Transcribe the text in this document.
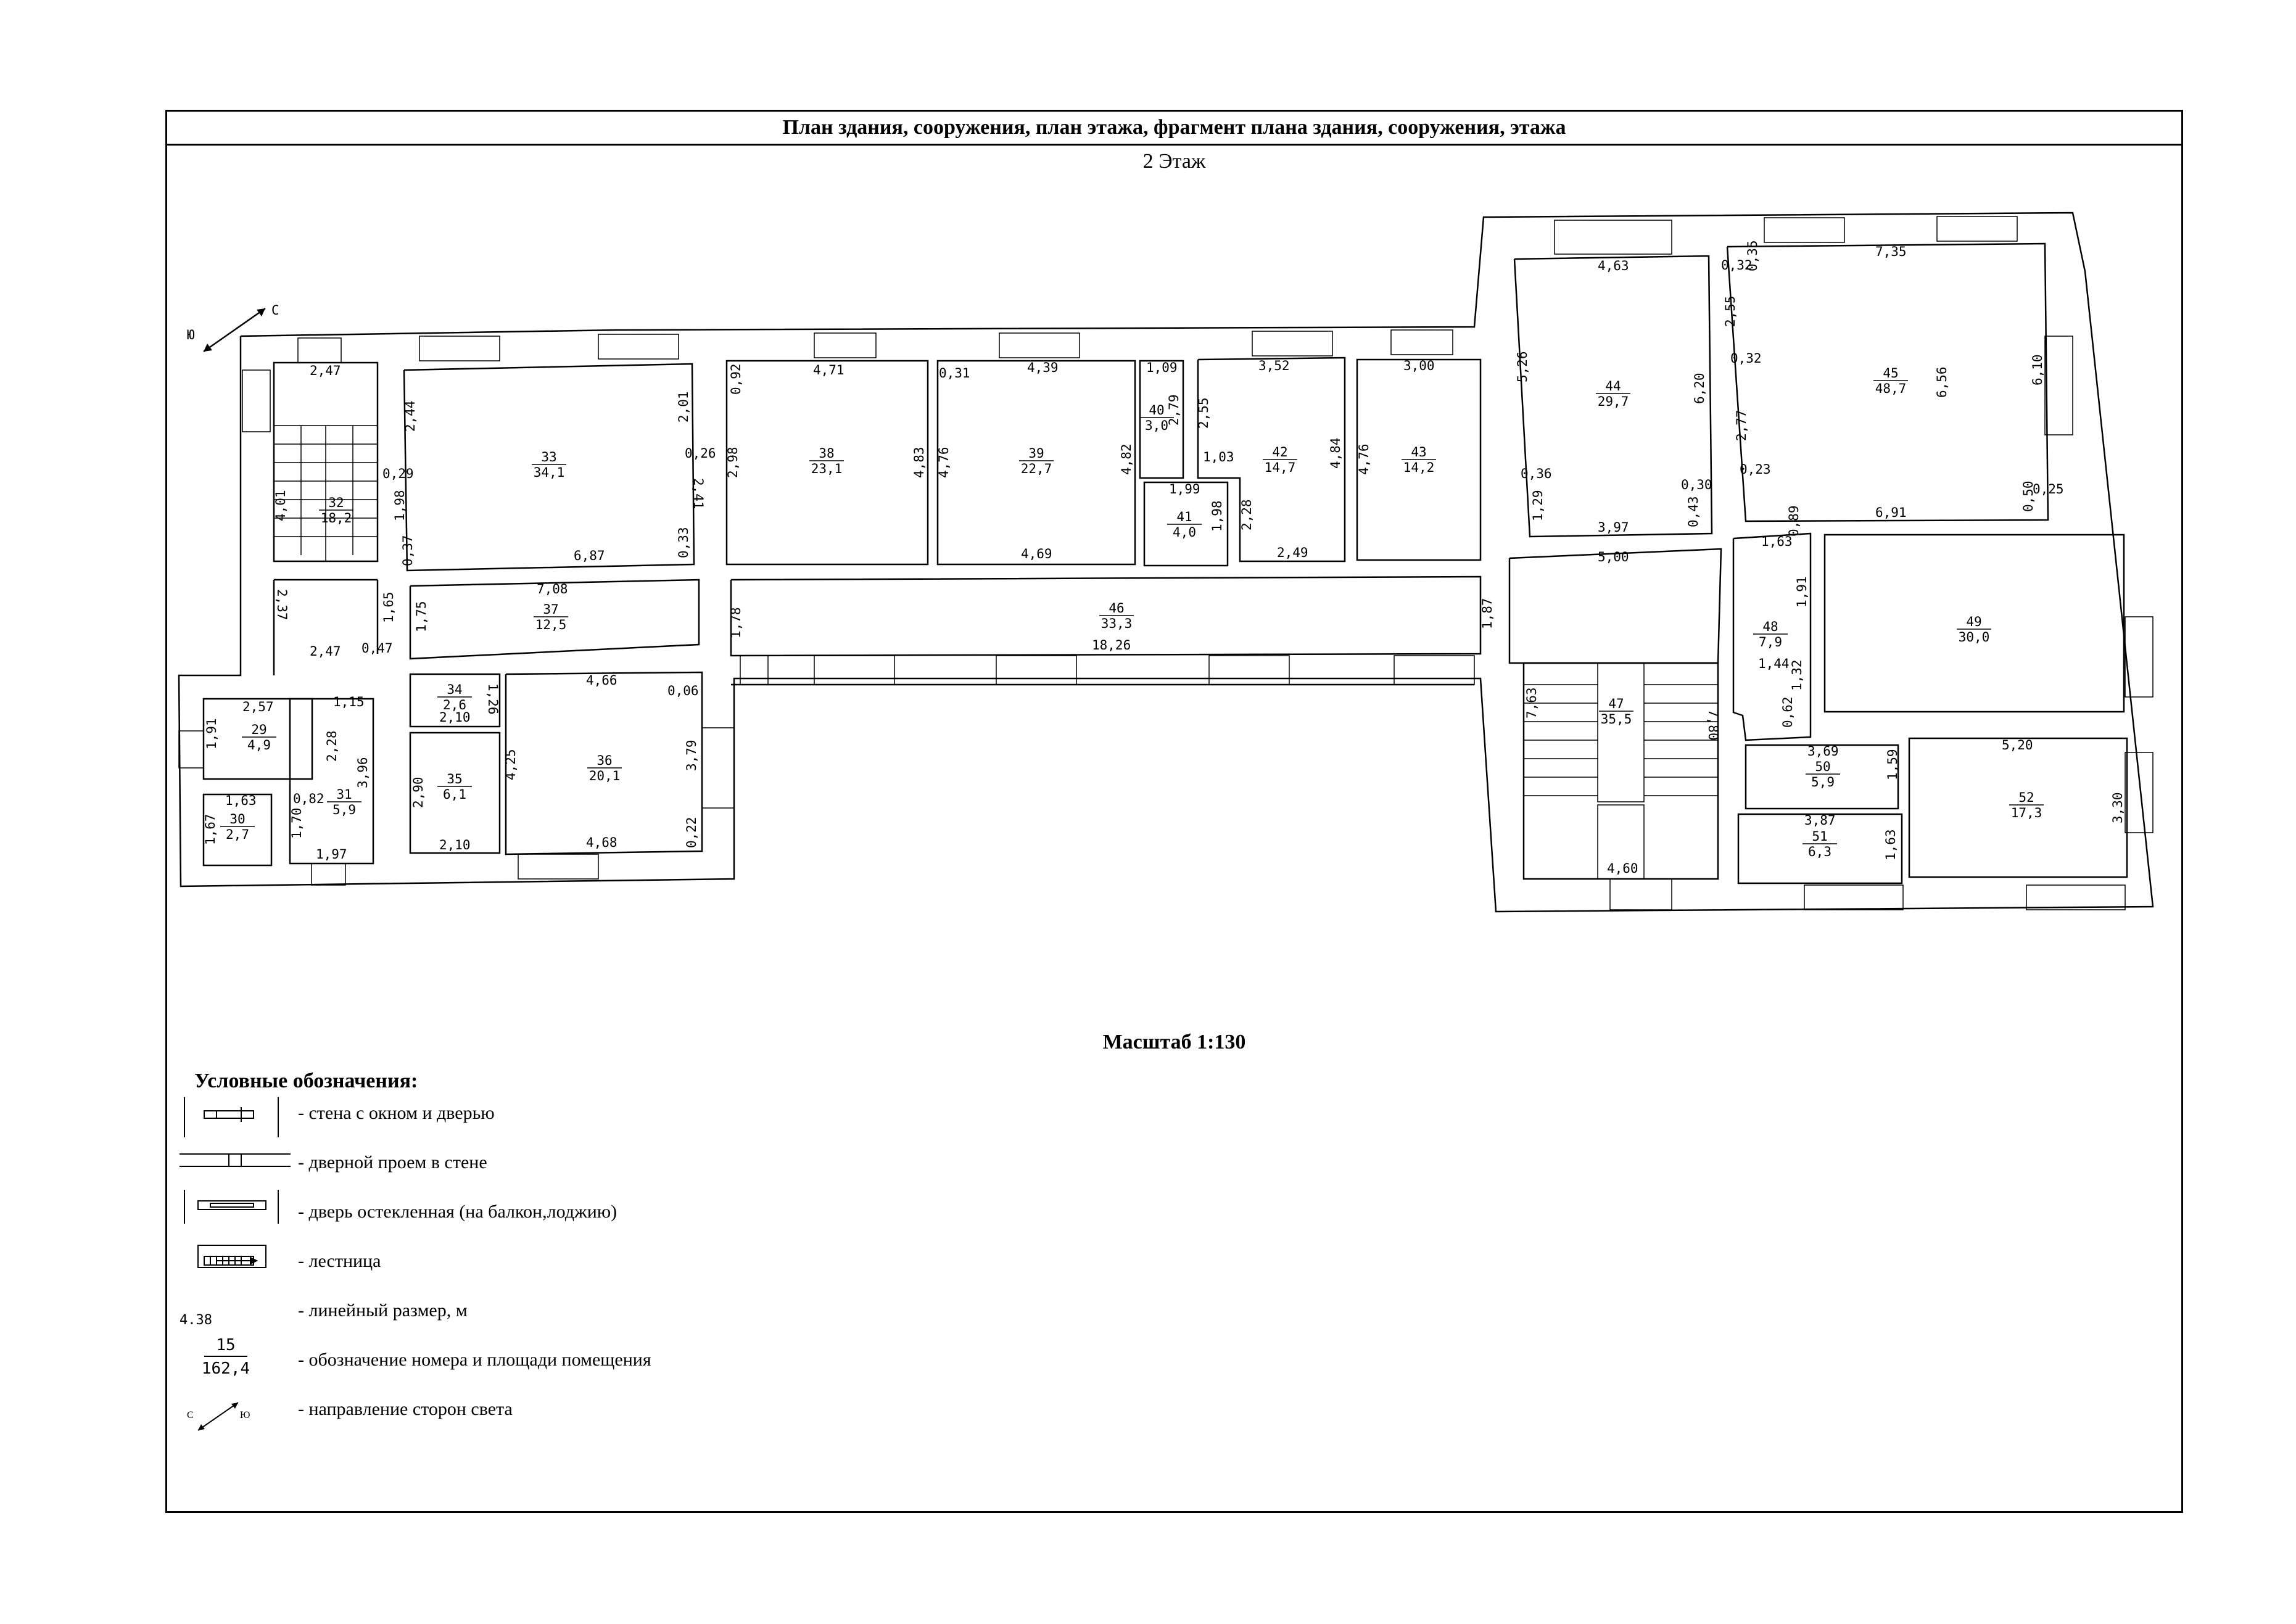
План здания, сооружения, план этажа, фрагмент плана здания, сооружения, этажа
2 Этаж
Масштаб 1:130
Условные обозначения:
4.38
15
162,4
С	Ю
- стена с окном и дверью
- дверной проем в стене
- дверь остекленная (на балкон,лоджию)
- лестница
- линейный размер, м
- обозначение номера и площади помещения
- направление сторон света
С
Ю
32
18,2
33
34,1
38
23,1
39
22,7
40
3,0
41
4,0
42
14,7
43
14,2
44
29,7
45
48,7
46
33,3
37
12,5
34
2,6
35
6,1
36
20,1
29
4,9
30
2,7
31
5,9
47
35,5
48
7,9
49
30,0
50
5,9
51
6,3
52
17,3
2,47
2,44	2,01
0,26
0,29
1,98	2,41
0,37	6,87	0,33
4,01
0,92	4,71
2,98	4,83
0,31	4,39
4,76	4,82
4,69
1,09
2,79
1,99
1,98
3,52
2,55
1,03	4,84
2,28
2,49
3,00
4,76
4,63
5,26
6,20
0,36
0,30
1,29
3,97	0,43
0,32
0,35	7,35
2,55
0,32
2,77
6,56	6,10
0,23
0,25
0,89
0,50
6,91
7,08
1,65 1,75	1,78
18,26
1,87
5,00
2,37
2,47 0,47
4,66
0,06
1,26
2,10
4,25	3,79
2,90
2,10	4,68	0,22
2,57	1,15
1,91	2,28
3,96
1,63	0,82
1,67	1,70
1,97
7,63
7,80
4,60
1,63
1,91
1,44 1,32
0,62
3,69	1,59
5,20
3,87
1,63
3,30
